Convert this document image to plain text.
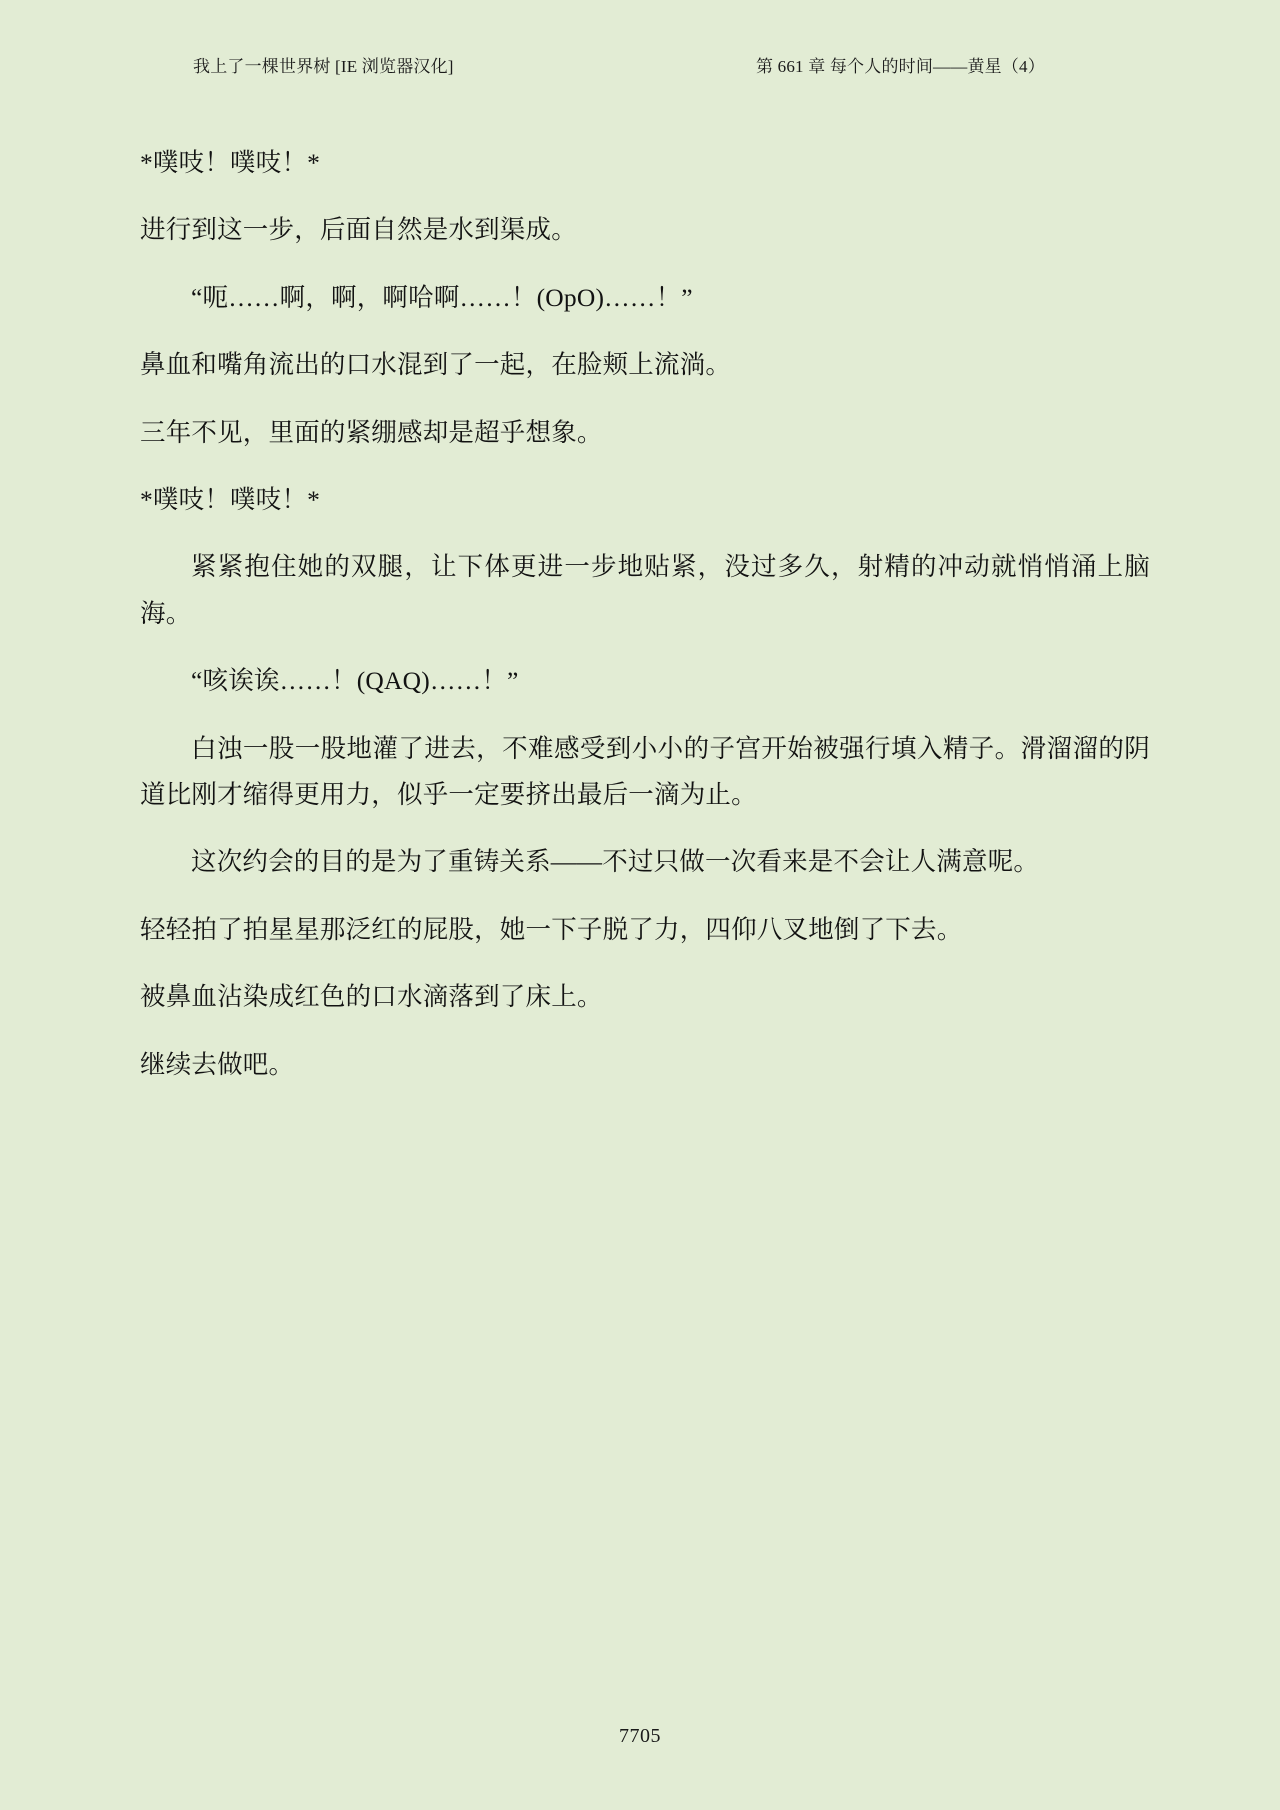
我上了一棵世界树 [IE 浏览器汉化]	第 661 章 每个人的时间——黄星（4）

*噗吱！噗吱！*

进行到这一步，后面自然是水到渠成。

“呃……啊，啊，啊哈啊……！(OpO)……！”

鼻血和嘴角流出的口水混到了一起，在脸颊上流淌。

三年不见，里面的紧绷感却是超乎想象。

*噗吱！噗吱！*

紧紧抱住她的双腿，让下体更进一步地贴紧，没过多久，射精的冲动就悄悄涌上脑海。

“咳诶诶……！(QAQ)……！”

白浊一股一股地灌了进去，不难感受到小小的子宫开始被强行填入精子。滑溜溜的阴道比刚才缩得更用力，似乎一定要挤出最后一滴为止。

这次约会的目的是为了重铸关系——不过只做一次看来是不会让人满意呢。

轻轻拍了拍星星那泛红的屁股，她一下子脱了力，四仰八叉地倒了下去。

被鼻血沾染成红色的口水滴落到了床上。

继续去做吧。

7705
